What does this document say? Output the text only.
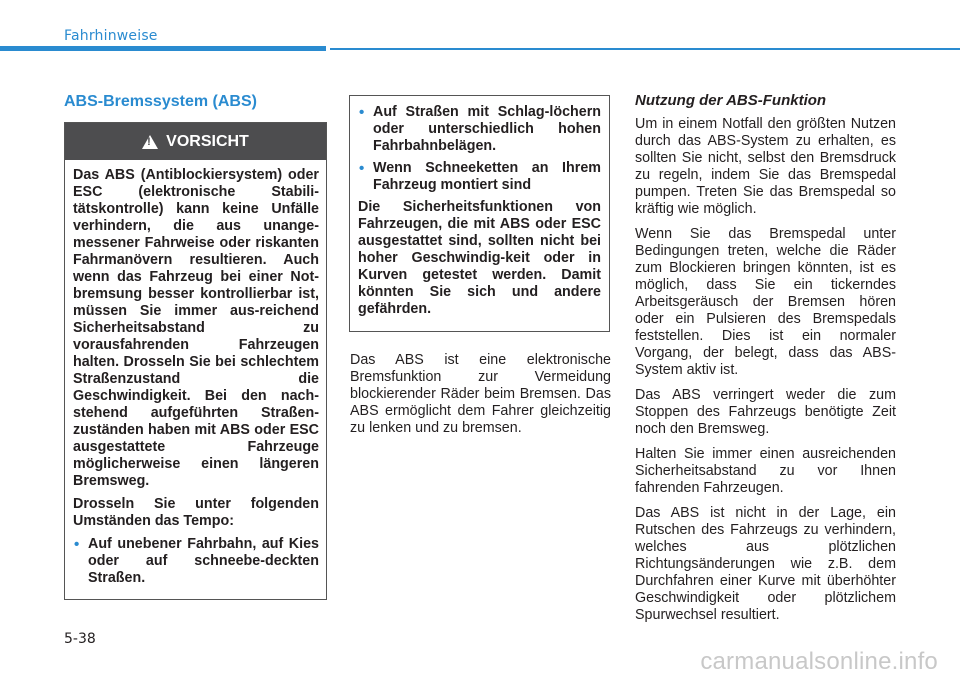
Fahrhinweise
ABS-Bremssystem (ABS)
!
VORSICHT

Das ABS (Antiblockiersystem) oder ESC (elektronische Stabili-tätskontrolle) kann keine Unfälle verhindern, die aus unange-messener Fahrweise oder riskanten Fahrmanövern resultieren. Auch wenn das Fahrzeug bei einer Not-bremsung besser kontrollierbar ist, müssen Sie immer aus-reichend Sicherheitsabstand zu vorausfahrenden Fahrzeugen halten. Drosseln Sie bei schlechtem Straßenzustand die Geschwindigkeit. Bei den nach-stehend aufgeführten Straßen-zuständen haben mit ABS oder ESC ausgestattete Fahrzeuge möglicherweise einen längeren Bremsweg.

Drosseln Sie unter folgenden Umständen das Tempo:

• Auf unebener Fahrbahn, auf Kies oder auf schneebe-deckten Straßen.
• Auf Straßen mit Schlag-löchern oder unterschiedlich hohen Fahrbahnbelägen.
• Wenn Schneeketten an Ihrem Fahrzeug montiert sind

Die Sicherheitsfunktionen von Fahrzeugen, die mit ABS oder ESC ausgestattet sind, sollten nicht bei hoher Geschwindig-keit oder in Kurven getestet werden. Damit könnten Sie sich und andere gefährden.

Das ABS ist eine elektronische Bremsfunktion zur Vermeidung blockierender Räder beim Bremsen. Das ABS ermöglicht dem Fahrer gleichzeitig zu lenken und zu bremsen.
Nutzung der ABS-Funktion

Um in einem Notfall den größten Nutzen durch das ABS-System zu erhalten, es sollten Sie nicht, selbst den Bremsdruck zu regeln, indem Sie das Bremspedal pumpen. Treten Sie das Bremspedal so kräftig wie möglich.

Wenn Sie das Bremspedal unter Bedingungen treten, welche die Räder zum Blockieren bringen könnten, ist es möglich, dass Sie ein tickerndes Arbeitsgeräusch der Bremsen hören oder ein Pulsieren des Bremspedals feststellen. Dies ist ein normaler Vorgang, der belegt, dass das ABS-System aktiv ist.

Das ABS verringert weder die zum Stoppen des Fahrzeugs benötigte Zeit noch den Bremsweg.

Halten Sie immer einen ausreichenden Sicherheitsabstand zu vor Ihnen fahrenden Fahrzeugen.

Das ABS ist nicht in der Lage, ein Rutschen des Fahrzeugs zu verhindern, welches aus plötzlichen Richtungsänderungen wie z.B. dem Durchfahren einer Kurve mit überhöhter Geschwindigkeit oder plötzlichem Spurwechsel resultiert.

5-38
carmanualsonline.info
